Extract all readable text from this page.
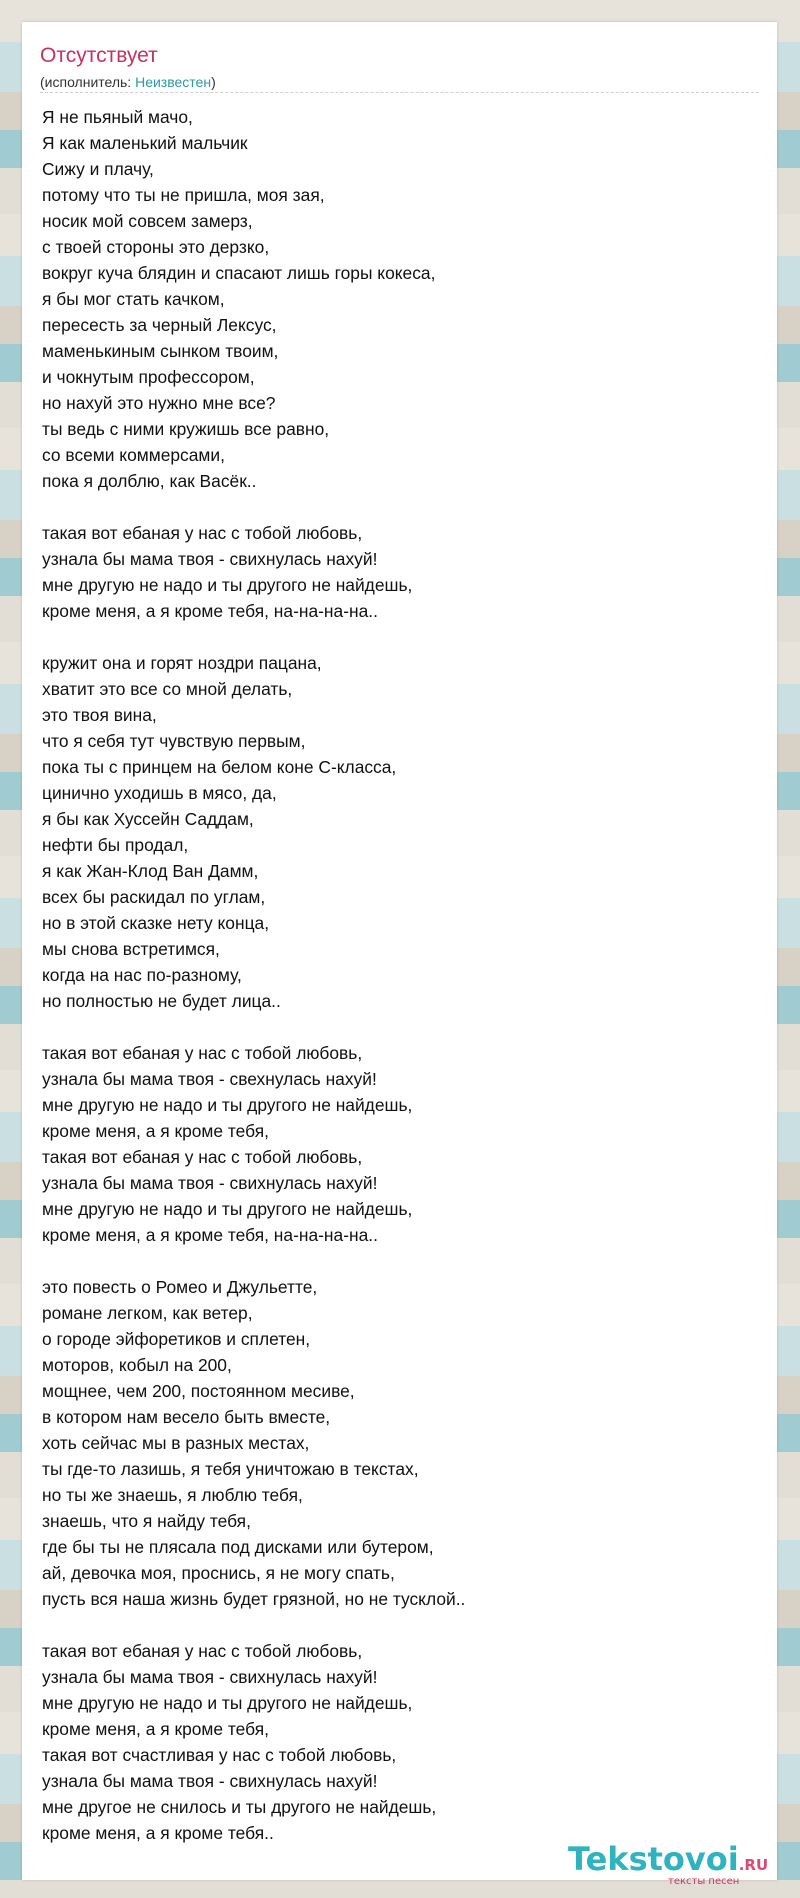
Отсутствует
(исполнитель: Неизвестен)
Я не пьяный мачо,
Я как маленький мальчик
Сижу и плачу,
потому что ты не пришла, моя зая,
носик мой совсем замерз,
с твоей стороны это дерзко,
вокруг куча блядин и спасают лишь горы кокеса,
я бы мог стать качком,
пересесть за черный Лексус,
маменькиным сынком твоим,
и чокнутым профессором,
но нахуй это нужно мне все?
ты ведь с ними кружишь все равно,
со всеми коммерсами,
пока я долблю, как Васёк..
такая вот ебаная у нас с тобой любовь,
узнала бы мама твоя - свихнулась нахуй!
мне другую не надо и ты другого не найдешь,
кроме меня, а я кроме тебя, на-на-на-на..
кружит она и горят ноздри пацана,
хватит это все со мной делать,
это твоя вина,
что я себя тут чувствую первым,
пока ты с принцем на белом коне С-класса,
цинично уходишь в мясо, да,
я бы как Хуссейн Саддам,
нефти бы продал,
я как Жан-Клод Ван Дамм,
всех бы раскидал по углам,
но в этой сказке нету конца,
мы снова встретимся,
когда на нас по-разному,
но полностью не будет лица..
такая вот ебаная у нас с тобой любовь,
узнала бы мама твоя - свехнулась нахуй!
мне другую не надо и ты другого не найдешь,
кроме меня, а я кроме тебя,
такая вот ебаная у нас с тобой любовь,
узнала бы мама твоя - свихнулась нахуй!
мне другую не надо и ты другого не найдешь,
кроме меня, а я кроме тебя, на-на-на-на..
это повесть о Ромео и Джульетте,
романе легком, как ветер,
о городе эйфоретиков и сплетен,
моторов, кобыл на 200,
мощнее, чем 200, постоянном месиве,
в котором нам весело быть вместе,
хоть сейчас мы в разных местах,
ты где-то лазишь, я тебя уничтожаю в текстах,
но ты же знаешь, я люблю тебя,
знаешь, что я найду тебя,
где бы ты не плясала под дисками или бутером,
ай, девочка моя, проснись, я не могу спать,
пусть вся наша жизнь будет грязной, но не тусклой..
такая вот ебаная у нас с тобой любовь,
узнала бы мама твоя - свихнулась нахуй!
мне другую не надо и ты другого не найдешь,
кроме меня, а я кроме тебя,
такая вот счастливая у нас с тобой любовь,
узнала бы мама твоя - свихнулась нахуй!
мне другое не снилось и ты другого не найдешь,
кроме меня, а я кроме тебя..
Tekstovoi.RU
тексты песен
